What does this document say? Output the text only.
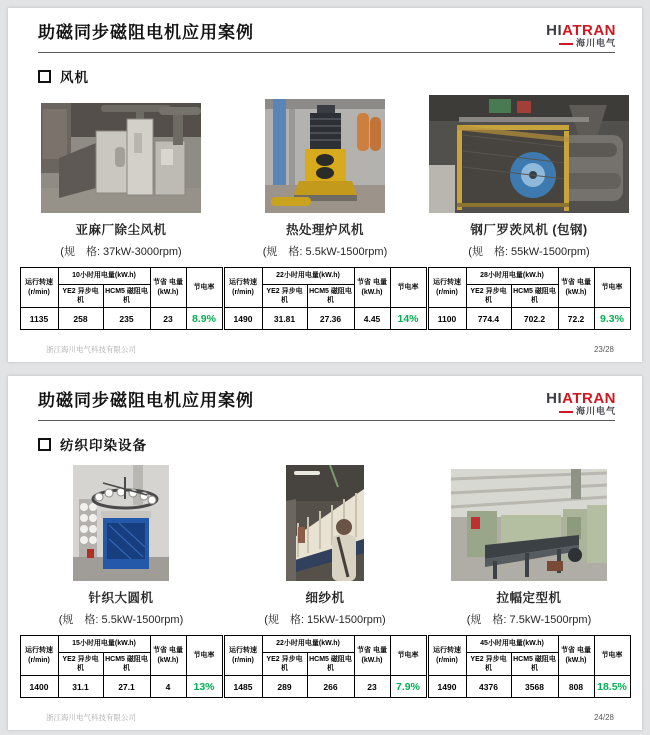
助磁同步磁阻电机应用案例	HIATRAN
海川电气
风机
亚麻厂除尘风机
(规　格: 37kW-3000rpm)
运行转速 (r/min)	10小时用电量(kW.h)		节省 电量 (kW.h)	节电率
	YE2 异步电机	HCM5 磁阻电机		
1135	258	235	23	8.9%
热处理炉风机
(规　格: 5.5kW-1500rpm)
运行转速 (r/min)	22小时用电量(kW.h)		节省 电量 (kW.h)	节电率
	YE2 异步电机	HCM5 磁阻电机		
1490	31.81	27.36	4.45	14%
钢厂罗茨风机 (包钢)
(规　格: 55kW-1500rpm)
运行转速 (r/min)	28小时用电量(kW.h)		节省 电量 (kW.h)	节电率
	YE2 异步电机	HCM5 磁阻电机		
1100	774.4	702.2	72.2	9.3%
浙江海川电气科技有限公司	23/28
助磁同步磁阻电机应用案例	HIATRAN
海川电气
纺织印染设备
针织大圆机
(规　格: 5.5kW-1500rpm)
运行转速 (r/min)	15小时用电量(kW.h)		节省 电量 (kW.h)	节电率
	YE2 异步电机	HCM5 磁阻电机		
1400	31.1	27.1	4	13%
细纱机
(规　格: 15kW-1500rpm)
运行转速 (r/min)	22小时用电量(kW.h)		节省 电量 (kW.h)	节电率
	YE2 异步电机	HCM5 磁阻电机		
1485	289	266	23	7.9%
拉幅定型机
(规　格: 7.5kW-1500rpm)
运行转速 (r/min)	45小时用电量(kW.h)		节省 电量 (kW.h)	节电率
	YE2 异步电机	HCM5 磁阻电机		
1490	4376	3568	808	18.5%
浙江海川电气科技有限公司	24/28
